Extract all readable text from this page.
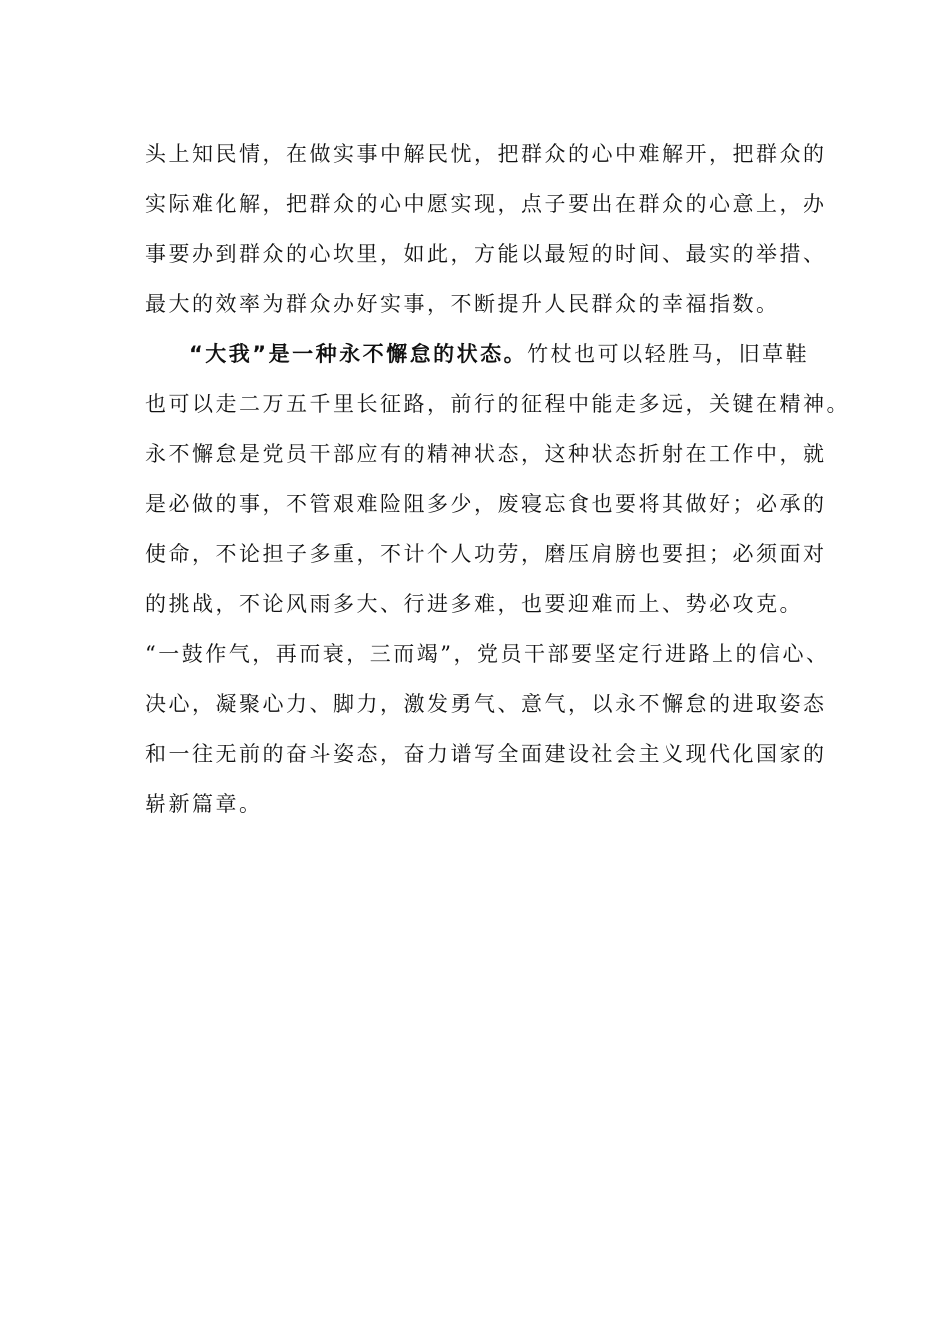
头上知民情，在做实事中解民忧，把群众的心中难解开，把群众的
实际难化解，把群众的心中愿实现，点子要出在群众的心意上，办
事要办到群众的心坎里，如此，方能以最短的时间、最实的举措、
最大的效率为群众办好实事，不断提升人民群众的幸福指数。
“大我”是一种永不懈怠的状态。竹杖也可以轻胜马，旧草鞋
也可以走二万五千里长征路，前行的征程中能走多远，关键在精神。
永不懈怠是党员干部应有的精神状态，这种状态折射在工作中，就
是必做的事，不管艰难险阻多少，废寝忘食也要将其做好；必承的
使命，不论担子多重，不计个人功劳，磨压肩膀也要担；必须面对
的挑战，不论风雨多大、行进多难，也要迎难而上、势必攻克。
“一鼓作气，再而衰，三而竭”，党员干部要坚定行进路上的信心、
决心，凝聚心力、脚力，激发勇气、意气，以永不懈怠的进取姿态
和一往无前的奋斗姿态，奋力谱写全面建设社会主义现代化国家的
崭新篇章。
